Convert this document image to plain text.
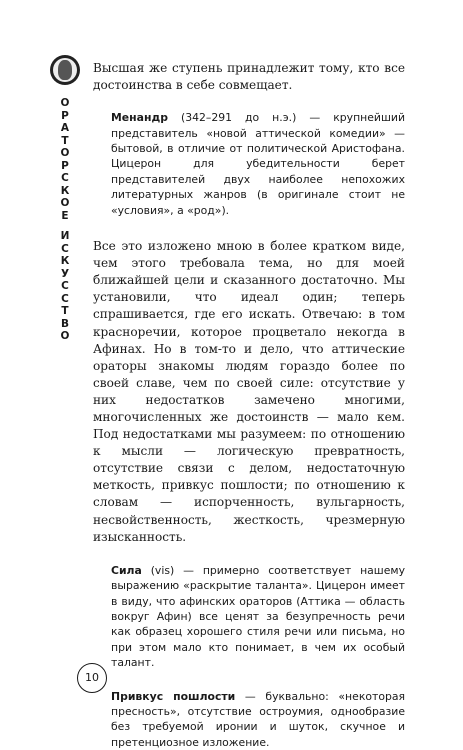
О
Р
А
Т
О
Р
С
К
О
Е
И
С
К
У
С
С
Т
В
О

Высшая же ступень принадлежит тому, кто все достоинства в себе совмещает.

Менандр (342–291 до н.э.) — крупнейший представитель «новой аттической комедии» — бытовой, в отличие от политической Аристофана. Цицерон для убедительности берет представителей двух наиболее непохожих литературных жанров (в оригинале стоит не «условия», а «род»).

Все это изложено мною в более кратком виде, чем этого требовала тема, но для моей ближайшей цели и сказанного достаточно. Мы установили, что идеал один; теперь спрашивается, где его искать. Отвечаю: в том красноречии, которое процветало некогда в Афинах. Но в том-то и дело, что аттические ораторы знакомы людям гораздо более по своей славе, чем по своей силе: отсутствие у них недостатков замечено многими, многочисленных же достоинств — мало кем. Под недостатками мы разумеем: по отношению к мысли — логическую превратность, отсутствие связи с делом, недостаточную меткость, привкус пошлости; по отношению к словам — испорченность, вульгарность, несвойственность, жесткость, чрезмерную изысканность.

Сила (vis) — примерно соответствует нашему выражению «раскрытие таланта». Цицерон имеет в виду, что афинских ораторов (Аттика — область вокруг Афин) все ценят за безупречность речи как образец хорошего стиля речи или письма, но при этом мало кто понимает, в чем их особый талант.

Привкус пошлости — буквально: «некоторая пресность», отсутствие остроумия, однообразие без требуемой иронии и шуток, скучное и претенциозное изложение.

10
